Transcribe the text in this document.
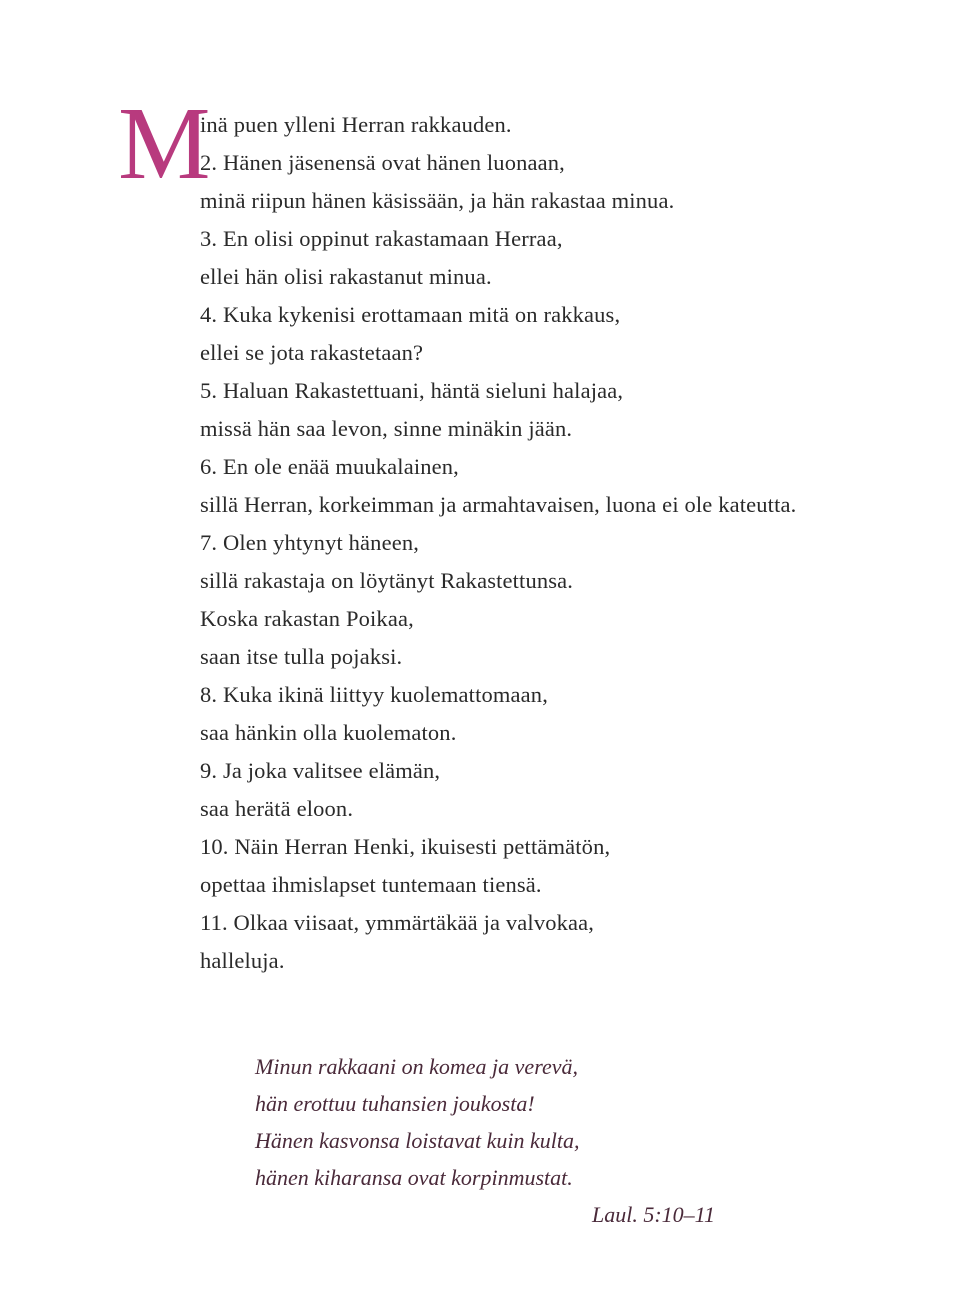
M
inä puen ylleni Herran rakkauden.
2. Hänen jäsenensä ovat hänen luonaan,
minä riipun hänen käsissään, ja hän rakastaa minua.
3. En olisi oppinut rakastamaan Herraa,
ellei hän olisi rakastanut minua.
4. Kuka kykenisi erottamaan mitä on rakkaus,
ellei se jota rakastetaan?
5. Haluan Rakastettuani, häntä sieluni halajaa,
missä hän saa levon, sinne minäkin jään.
6. En ole enää muukalainen,
sillä Herran, korkeimman ja armahtavaisen, luona ei ole kateutta.
7. Olen yhtynyt häneen,
sillä rakastaja on löytänyt Rakastettunsa.
Koska rakastan Poikaa,
saan itse tulla pojaksi.
8. Kuka ikinä liittyy kuolemattomaan,
saa hänkin olla kuolematon.
9. Ja joka valitsee elämän,
saa herätä eloon.
10. Näin Herran Henki, ikuisesti pettämätön,
opettaa ihmislapset tuntemaan tiensä.
11. Olkaa viisaat, ymmärtäkää ja valvokaa,
halleluja.
Minun rakkaani on komea ja verevä,
hän erottuu tuhansien joukosta!
Hänen kasvonsa loistavat kuin kulta,
hänen kiharansa ovat korpinmustat.
Laul. 5:10–11
